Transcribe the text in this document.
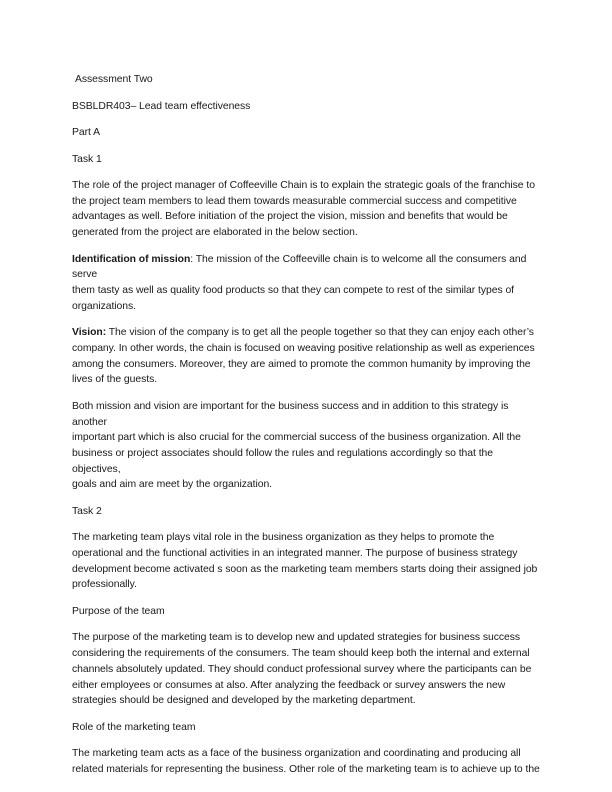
Assessment Two

BSBLDR403– Lead team effectiveness

Part A

Task 1

The role of the project manager of Coffeeville Chain is to explain the strategic goals of the franchise to
the project team members to lead them towards measurable commercial success and competitive
advantages as well. Before initiation of the project the vision, mission and benefits that would be
generated from the project are elaborated in the below section.

Identification of mission: The mission of the Coffeeville chain is to welcome all the consumers and serve
them tasty as well as quality food products so that they can compete to rest of the similar types of
organizations.

Vision: The vision of the company is to get all the people together so that they can enjoy each other’s
company. In other words, the chain is focused on weaving positive relationship as well as experiences
among the consumers. Moreover, they are aimed to promote the common humanity by improving the
lives of the guests.

Both mission and vision are important for the business success and in addition to this strategy is another
important part which is also crucial for the commercial success of the business organization. All the
business or project associates should follow the rules and regulations accordingly so that the objectives,
goals and aim are meet by the organization.

Task 2

The marketing team plays vital role in the business organization as they helps to promote the
operational and the functional activities in an integrated manner. The purpose of business strategy
development become activated s soon as the marketing team members starts doing their assigned job
professionally.

Purpose of the team

The purpose of the marketing team is to develop new and updated strategies for business success
considering the requirements of the consumers. The team should keep both the internal and external
channels absolutely updated. They should conduct professional survey where the participants can be
either employees or consumes at also. After analyzing the feedback or survey answers the new
strategies should be designed and developed by the marketing department.

Role of the marketing team

The marketing team acts as a face of the business organization and coordinating and producing all
related materials for representing the business. Other role of the marketing team is to achieve up to the
